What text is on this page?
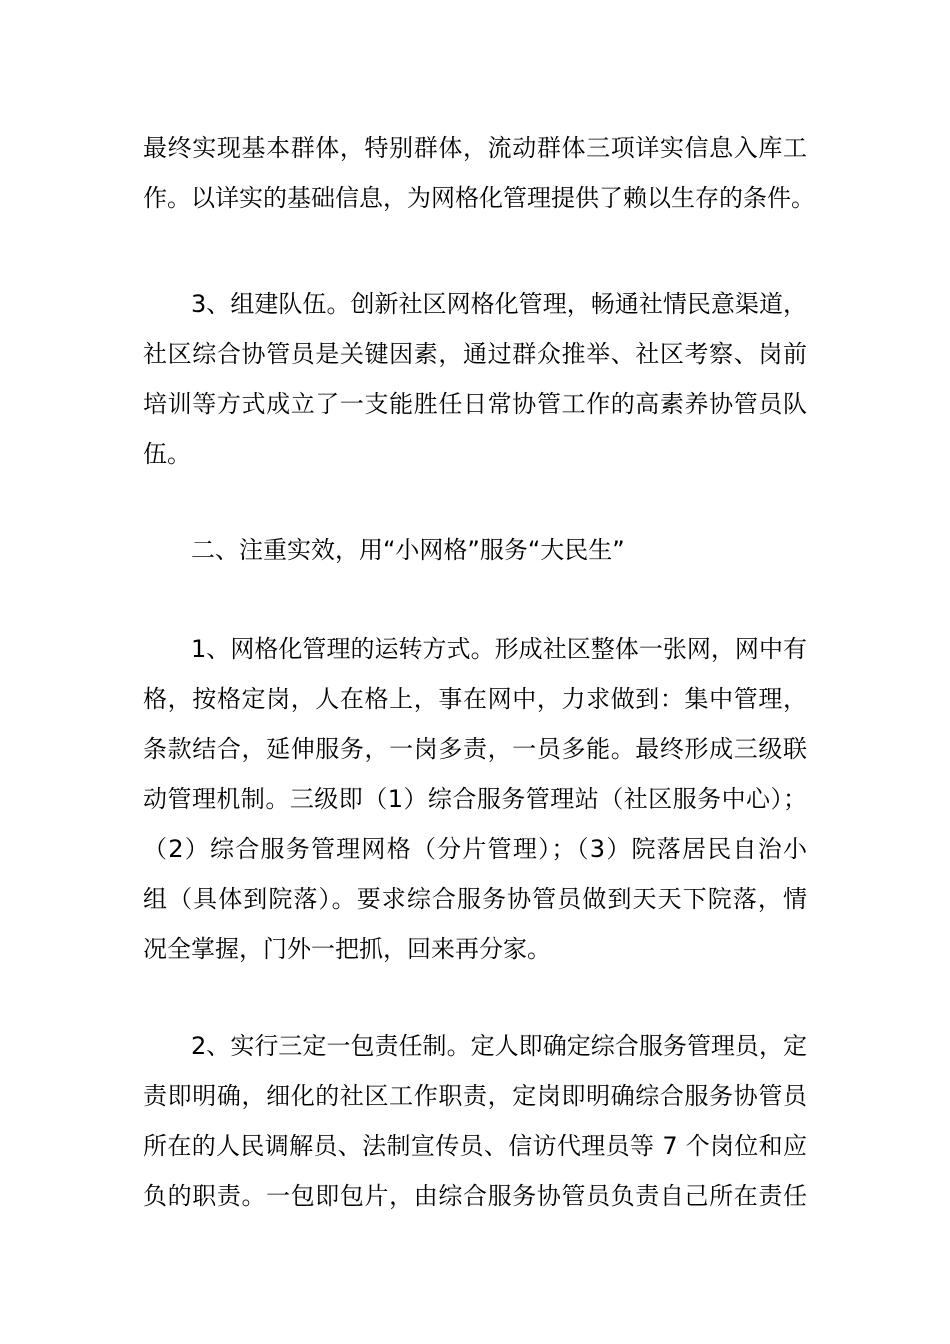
最终实现基本群体，特别群体，流动群体三项详实信息入库工
作。以详实的基础信息，为网格化管理提供了赖以生存的条件。
3、组建队伍。创新社区网格化管理，畅通社情民意渠道，
社区综合协管员是关键因素，通过群众推举、社区考察、岗前
培训等方式成立了一支能胜任日常协管工作的高素养协管员队
伍。
二、注重实效，用“小网格”服务“大民生”
1、网格化管理的运转方式。形成社区整体一张网，网中有
格，按格定岗，人在格上，事在网中，力求做到：集中管理，
条款结合，延伸服务，一岗多责，一员多能。最终形成三级联
动管理机制。三级即（1）综合服务管理站（社区服务中心）；
（2）综合服务管理网格（分片管理）；（3）院落居民自治小
组（具体到院落）。要求综合服务协管员做到天天下院落，情
况全掌握，门外一把抓，回来再分家。
2、实行三定一包责任制。定人即确定综合服务管理员，定
责即明确，细化的社区工作职责，定岗即明确综合服务协管员
所在的人民调解员、法制宣传员、信访代理员等 7 个岗位和应
负的职责。一包即包片，由综合服务协管员负责自己所在责任
